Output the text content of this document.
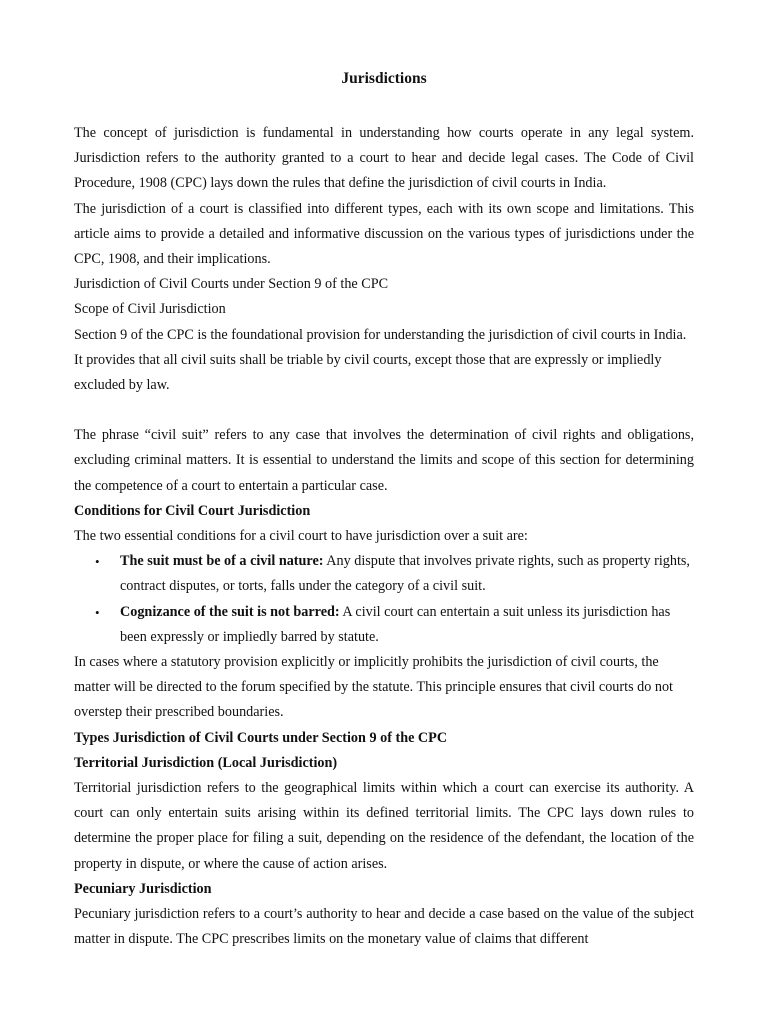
Jurisdictions

The concept of jurisdiction is fundamental in understanding how courts operate in any legal system. Jurisdiction refers to the authority granted to a court to hear and decide legal cases. The Code of Civil Procedure, 1908 (CPC) lays down the rules that define the jurisdiction of civil courts in India.

The jurisdiction of a court is classified into different types, each with its own scope and limitations. This article aims to provide a detailed and informative discussion on the various types of jurisdictions under the CPC, 1908, and their implications.

Jurisdiction of Civil Courts under Section 9 of the CPC

Scope of Civil Jurisdiction

Section 9 of the CPC is the foundational provision for understanding the jurisdiction of civil courts in India. It provides that all civil suits shall be triable by civil courts, except those that are expressly or impliedly excluded by law.

The phrase “civil suit” refers to any case that involves the determination of civil rights and obligations, excluding criminal matters. It is essential to understand the limits and scope of this section for determining the competence of a court to entertain a particular case.

Conditions for Civil Court Jurisdiction

The two essential conditions for a civil court to have jurisdiction over a suit are:

• The suit must be of a civil nature: Any dispute that involves private rights, such as property rights, contract disputes, or torts, falls under the category of a civil suit.
• Cognizance of the suit is not barred: A civil court can entertain a suit unless its jurisdiction has been expressly or impliedly barred by statute.

In cases where a statutory provision explicitly or implicitly prohibits the jurisdiction of civil courts, the matter will be directed to the forum specified by the statute. This principle ensures that civil courts do not overstep their prescribed boundaries.

Types Jurisdiction of Civil Courts under Section 9 of the CPC

Territorial Jurisdiction (Local Jurisdiction)

Territorial jurisdiction refers to the geographical limits within which a court can exercise its authority. A court can only entertain suits arising within its defined territorial limits. The CPC lays down rules to determine the proper place for filing a suit, depending on the residence of the defendant, the location of the property in dispute, or where the cause of action arises.

Pecuniary Jurisdiction

Pecuniary jurisdiction refers to a court’s authority to hear and decide a case based on the value of the subject matter in dispute. The CPC prescribes limits on the monetary value of claims that different
